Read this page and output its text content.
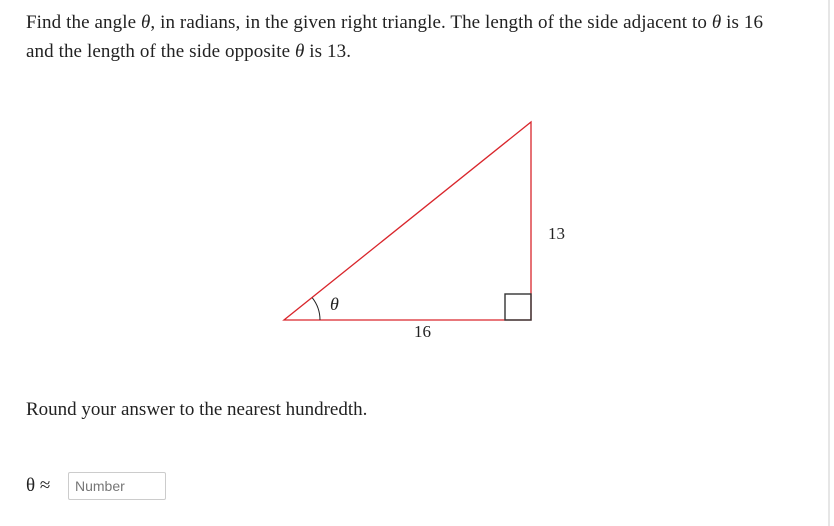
Find the angle θ, in radians, in the given right triangle. The length of the side adjacent to θ is 16
and the length of the side opposite θ is 13.
θ
16
13
Round your answer to the nearest hundredth.
θ ≈
Number
